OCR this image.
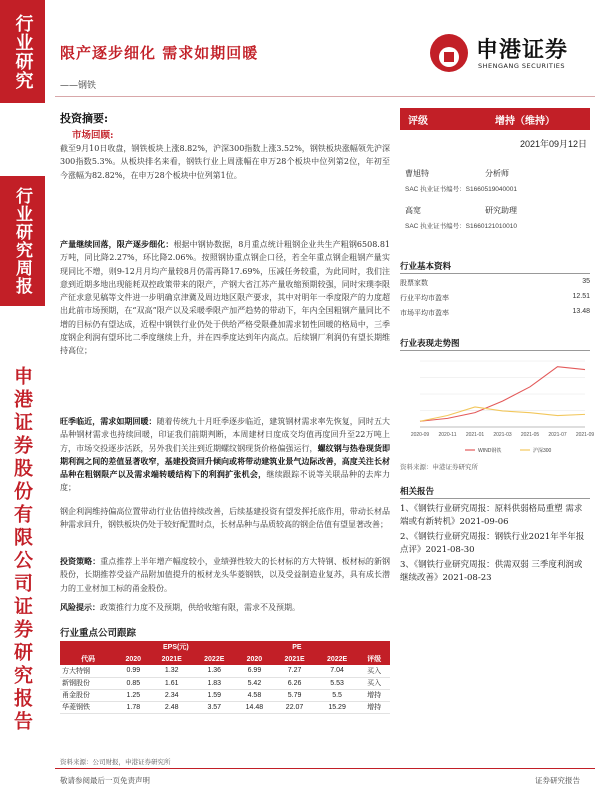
行业研究
行业研究周报
申港证券股份有限公司证券研究报告
限产逐步细化 需求如期回暖
——钢铁
申港证券
SHENGANG SECURITIES
投资摘要:
市场回顾:
截至9月10日收盘，钢铁板块上涨8.82%，沪深300指数上涨3.52%，钢铁板块涨幅领先沪深300指数5.3%。从板块排名来看，钢铁行业上周涨幅在申万28个板块中位列第2位，年初至今涨幅为82.82%，在申万28个板块中位列第1位。
产量继续回落，限产逐步细化：根据中钢协数据，8月重点统计粗钢企业共生产粗钢6508.81万吨，同比降2.27%，环比降2.06%。按照钢协重点钢企口径，若全年重点钢企粗钢产量实现同比不增，则9-12月月均产量较8月仍需再降17.69%，压减任务较重，为此同时，我们注意到近期多地出现能耗双控政策带来的限产，产钢大省江苏产量收缩预期较强，同时宋璞李限产征求意见稿等文件进一步明确京津冀及周边地区限产要求，其中对明年一季度限产的力度超出此前市场预期，在“双高”限产以及采暖季限产加严趋势的带动下，年内全国粗钢产量同比不增的目标仍有望达成，近程中钢铁行业仍处于供给严格受限叠加需求韧性回暖的格局中，三季度钢企利润有望环比二季度继续上升，并在四季度达到年内高点。后续钢厂利润仍有望长期维持高位；
旺季临近，需求如期回暖：随着传统九十月旺季逐步临近，建筑钢材需求率先恢复，同时五大品种钢材需求也持续回暖，印证我们前期判断，本周建材日度成交均值再度回升至22万吨上方，市场交投逐步活跃，另外我们关注到近期螺纹钢现货价格偏强运行，螺纹钢与热卷现货即期利润之间的差值显著收窄，基建投资回升倾向或将带动建筑业景气边际改善，高度关注长材品种在粗钢限产以及需求端转暖结构下的利润扩张机会，继续跟踪不说等关联品种的去库力度；
钢企利润维持偏高位置带动行业估值持续改善，后续基建投资有望发挥托底作用，带动长材品种需求回升，钢铁板块仍处于较好配置时点，长材品种与品质较高的钢企估值有望显著改善；
投资策略：重点推荐上半年增产幅度较小，业绩弹性较大的长材标的方大特钢、板材标的新钢股份，长期推荐受益产品附加值提升的板材龙头华菱钢铁，以及受益制造业复苏，具有成长潜力的工业材加工标的甬金股份。
风险提示：政策推行力度不及预期，供给收缩有限，需求不及预期。
评级	增持（维持）
2021年09月12日
曹旭特	分析师
SAC 执业证书编号：S1660519040001
高宽	研究助理
SAC 执业证书编号：S1660121010010
行业基本资料
股票家数	35
行业平均市盈率	12.51
市场平均市盈率	13.48
行业表现走势图
2020-09 2020-11 2021-01 2021-03 2021-05 2021-07 2021-09
WIND钢铁	沪深300
资料来源：申港证券研究所
相关报告
1、《钢铁行业研究周报：原料供弱格局重塑 需求端或有新转机》2021-09-06
2、《钢铁行业研究周报：钢铁行业2021年半年报点评》2021-08-30
3、《钢铁行业研究周报：供需双弱 三季度利润或继续改善》2021-08-23
行业重点公司跟踪
	EPS(元)			PE			
代码	2020	2021E	2022E	2020	2021E	2022E	评级
方大特钢	0.99	1.32	1.36	6.99	7.27	7.04	买入
新钢股份	0.85	1.61	1.83	5.42	6.26	5.53	买入
甬金股份	1.25	2.34	1.59	4.58	5.79	5.5	增持
华菱钢铁	1.78	2.48	3.57	14.48	22.07	15.29	增持
资料来源：公司财报，申港证券研究所
敬请参阅最后一页免责声明	证券研究报告
